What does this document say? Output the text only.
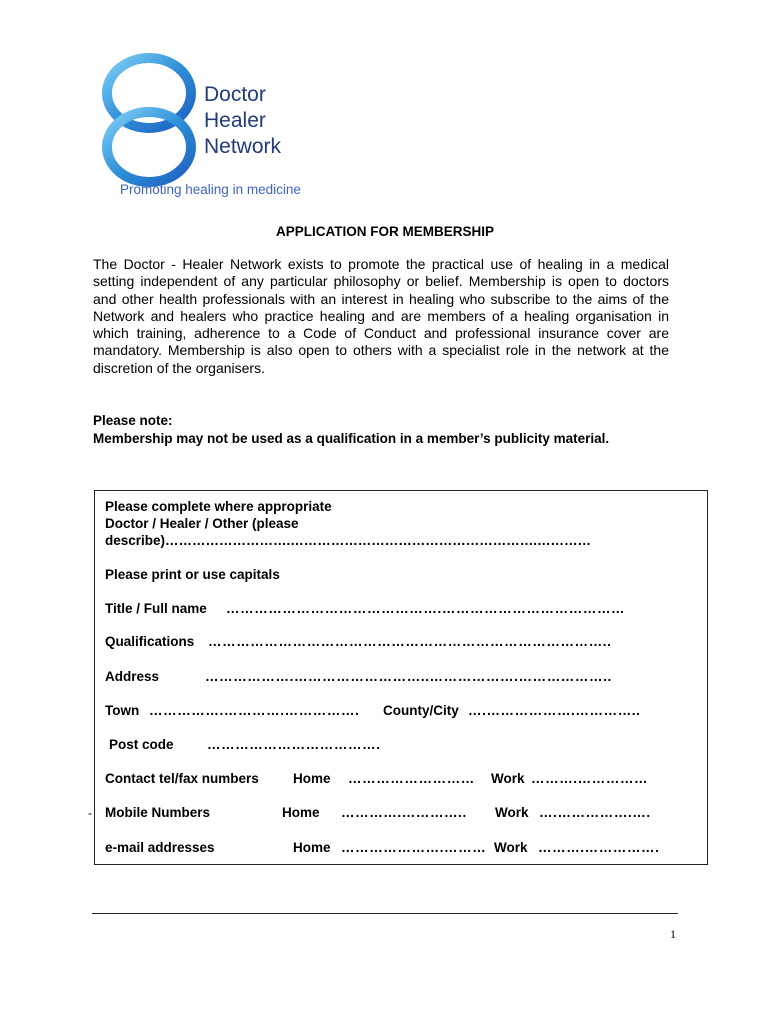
Doctor
Healer
Network
Promoting healing in medicine
APPLICATION FOR MEMBERSHIP
The Doctor - Healer Network exists to promote the practical use of healing in a medical setting independent of any particular philosophy or belief. Membership is open to doctors and other health professionals with an interest in healing who subscribe to the aims of the Network and healers who practice healing and are members of a healing organisation in which training, adherence to a Code of Conduct and professional insurance cover are mandatory. Membership is also open to others with a specialist role in the network at the discretion of the organisers.
Please note:
Membership may not be used as a qualification in a member’s publicity material.
Please complete where appropriate
Doctor / Healer / Other (please
describe)……………………….……………………………………………….…………
Please print or use capitals
Title / Full name ……………………………………….…………………………………
Qualifications …………………………………………………………………………..
Address	……………….………………………..……………….………………..
Town …………….………….……………. County/City ….……………….…………..
Post code ……………………………….
Contact tel/fax numbers	Home ……………………… Work ……….……………
- Mobile Numbers	Home ………….………….. Work ….…………….….
e-mail addresses	Home ………………….……… Work ……….…………….
1
